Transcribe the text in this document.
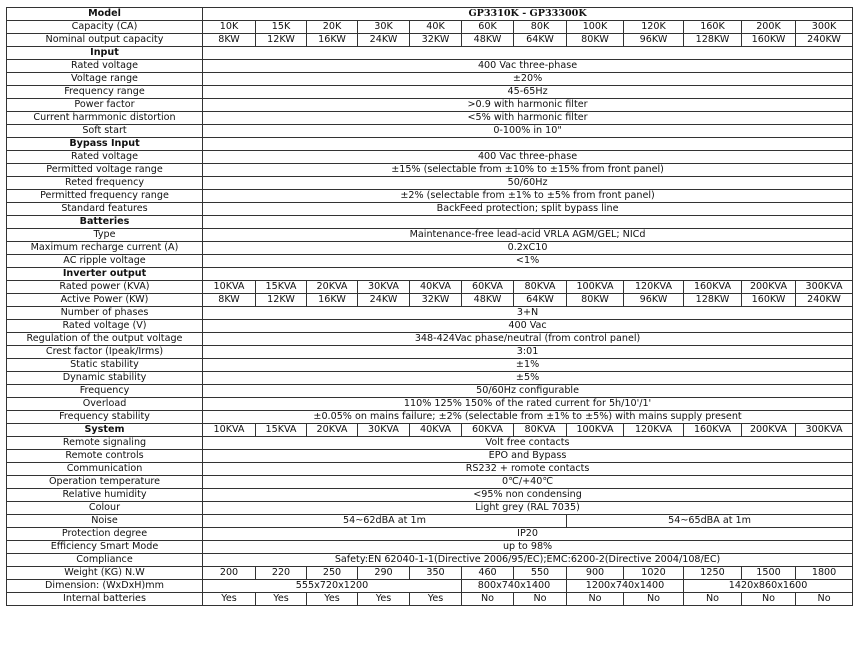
Model	GP3310K - GP33300K											
Capacity (CA)	10K	15K	20K	30K	40K	60K	80K	100K	120K	160K	200K	300K
Nominal output capacity	8KW	12KW	16KW	24KW	32KW	48KW	64KW	80KW	96KW	128KW	160KW	240KW
Input												
Rated voltage	400 Vac three-phase											
Voltage range	±20%											
Frequency range	45-65Hz											
Power factor	>0.9 with harmonic filter											
Current harmmonic distortion	<5% with harmonic filter											
Soft start	0-100% in 10"											
Bypass Input												
Rated voltage	400 Vac three-phase											
Permitted voltage range	±15% (selectable from ±10% to ±15% from front panel)											
Reted frequency	50/60Hz											
Permitted frequency range	±2% (selectable from ±1% to ±5% from front panel)											
Standard features	BackFeed protection; split bypass line											
Batteries												
Type	Maintenance-free lead-acid VRLA AGM/GEL; NICd											
Maximum recharge current (A)	0.2xC10											
AC ripple voltage	<1%											
Inverter output												
Rated power (KVA)	10KVA	15KVA	20KVA	30KVA	40KVA	60KVA	80KVA	100KVA	120KVA	160KVA	200KVA	300KVA
Active Power (KW)	8KW	12KW	16KW	24KW	32KW	48KW	64KW	80KW	96KW	128KW	160KW	240KW
Number of phases	3+N											
Rated voltage (V)	400 Vac											
Regulation of the output voltage	348-424Vac phase/neutral (from control panel)											
Crest factor (Ipeak/Irms)	3:01											
Static stability	±1%											
Dynamic stability	±5%											
Frequency	50/60Hz configurable											
Overload	110% 125% 150% of the rated current for 5h/10'/1'											
Frequency stability	±0.05% on mains failure; ±2% (selectable from ±1% to ±5%) with mains supply present											
System	10KVA	15KVA	20KVA	30KVA	40KVA	60KVA	80KVA	100KVA	120KVA	160KVA	200KVA	300KVA
Remote signaling	Volt free contacts											
Remote controls	EPO and Bypass											
Communication	RS232 + romote contacts											
Operation temperature	0℃/+40℃											
Relative humidity	<95% non condensing											
Colour	Light grey (RAL 7035)											
Noise	54~62dBA at 1m							54~65dBA at 1m				
Protection degree	IP20											
Efficiency Smart Mode	up to 98%											
Compliance	Safety:EN 62040-1-1(Directive 2006/95/EC);EMC:6200-2(Directive 2004/108/EC)											
Weight (KG) N.W	200	220	250	290	350	460	550	900	1020	1250	1500	1800
Dimension: (WxDxH)mm	555x720x1200					800x740x1400		1200x740x1400		1420x860x1600		
Internal batteries	Yes	Yes	Yes	Yes	Yes	No	No	No	No	No	No	No
